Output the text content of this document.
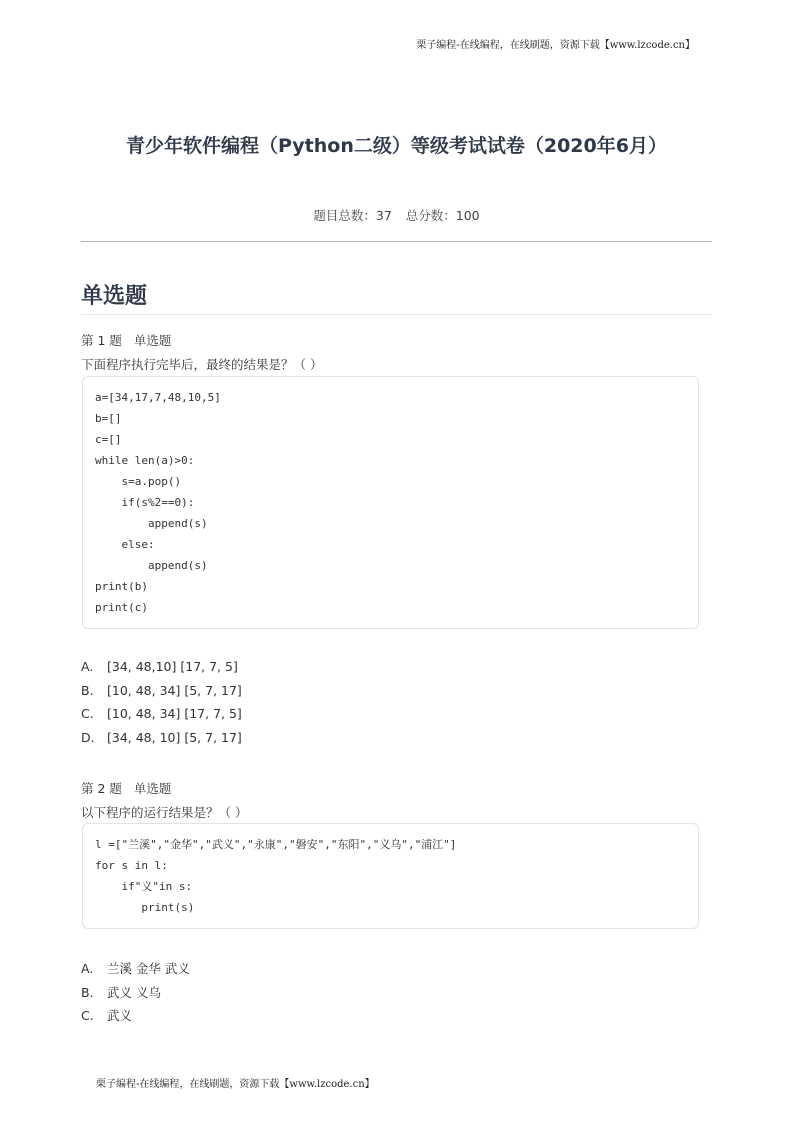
栗子编程-在线编程，在线刷题，资源下载【www.lzcode.cn】
青少年软件编程（Python二级）等级考试试卷（2020年6月）
题目总数：37 总分数：100
单选题
第 1 题 单选题
下面程序执行完毕后，最终的结果是？（ ）
a=[34,17,7,48,10,5]
b=[]
c=[]
while len(a)>0:
s=a.pop()
if(s%2==0):
append(s)
else:
append(s)
print(b)
print(c)
A. [34, 48,10] [17, 7, 5]
B. [10, 48, 34] [5, 7, 17]
C. [10, 48, 34] [17, 7, 5]
D. [34, 48, 10] [5, 7, 17]
第 2 题 单选题
以下程序的运行结果是？（ ）
l =["兰溪","金华","武义","永康","磐安","东阳","义乌","浦江"]
for s in l:
if"义"in s:
print(s)
A. 兰溪 金华 武义
B. 武义 义乌
C. 武义
栗子编程-在线编程，在线刷题，资源下载【www.lzcode.cn】
